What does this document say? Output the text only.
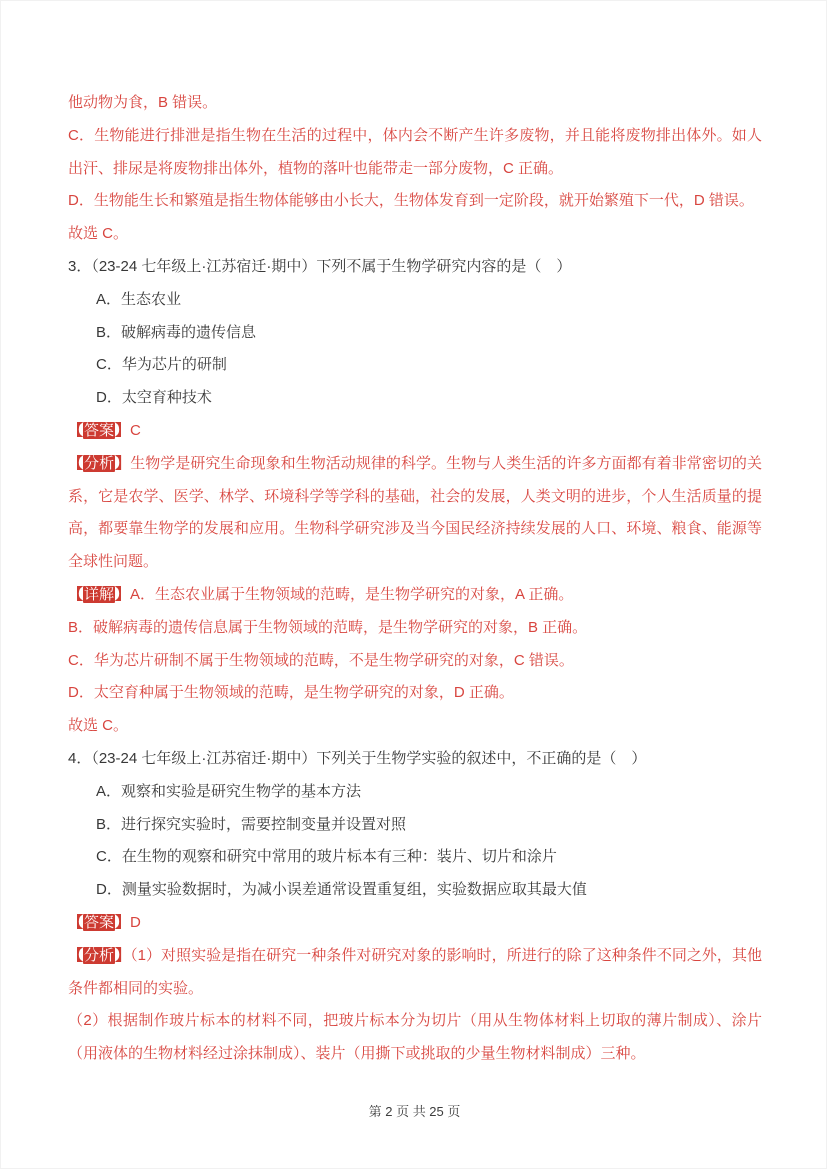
他动物为食，B 错误。

C．生物能进行排泄是指生物在生活的过程中，体内会不断产生许多废物，并且能将废物排出体外。如人出汗、排尿是将废物排出体外，植物的落叶也能带走一部分废物，C 正确。

D．生物能生长和繁殖是指生物体能够由小长大，生物体发育到一定阶段，就开始繁殖下一代，D 错误。

故选 C。

3．（23-24 七年级上·江苏宿迁·期中）下列不属于生物学研究内容的是（　）

A．生态农业

B．破解病毒的遗传信息

C．华为芯片的研制

D．太空育种技术

【答案】C

【分析】生物学是研究生命现象和生物活动规律的科学。生物与人类生活的许多方面都有着非常密切的关系，它是农学、医学、林学、环境科学等学科的基础，社会的发展，人类文明的进步，个人生活质量的提高，都要靠生物学的发展和应用。生物科学研究涉及当今国民经济持续发展的人口、环境、粮食、能源等全球性问题。

【详解】A．生态农业属于生物领域的范畴，是生物学研究的对象，A 正确。

B．破解病毒的遗传信息属于生物领域的范畴，是生物学研究的对象，B 正确。

C．华为芯片研制不属于生物领域的范畴，不是生物学研究的对象，C 错误。

D．太空育种属于生物领域的范畴，是生物学研究的对象，D 正确。

故选 C。

4．（23-24 七年级上·江苏宿迁·期中）下列关于生物学实验的叙述中，不正确的是（　）

A．观察和实验是研究生物学的基本方法

B．进行探究实验时，需要控制变量并设置对照

C．在生物的观察和研究中常用的玻片标本有三种：装片、切片和涂片

D．测量实验数据时，为减小误差通常设置重复组，实验数据应取其最大值

【答案】D

【分析】（1）对照实验是指在研究一种条件对研究对象的影响时，所进行的除了这种条件不同之外，其他条件都相同的实验。

（2）根据制作玻片标本的材料不同，把玻片标本分为切片（用从生物体材料上切取的薄片制成）、涂片（用液体的生物材料经过涂抹制成）、装片（用撕下或挑取的少量生物材料制成）三种。

第 2 页 共 25 页
